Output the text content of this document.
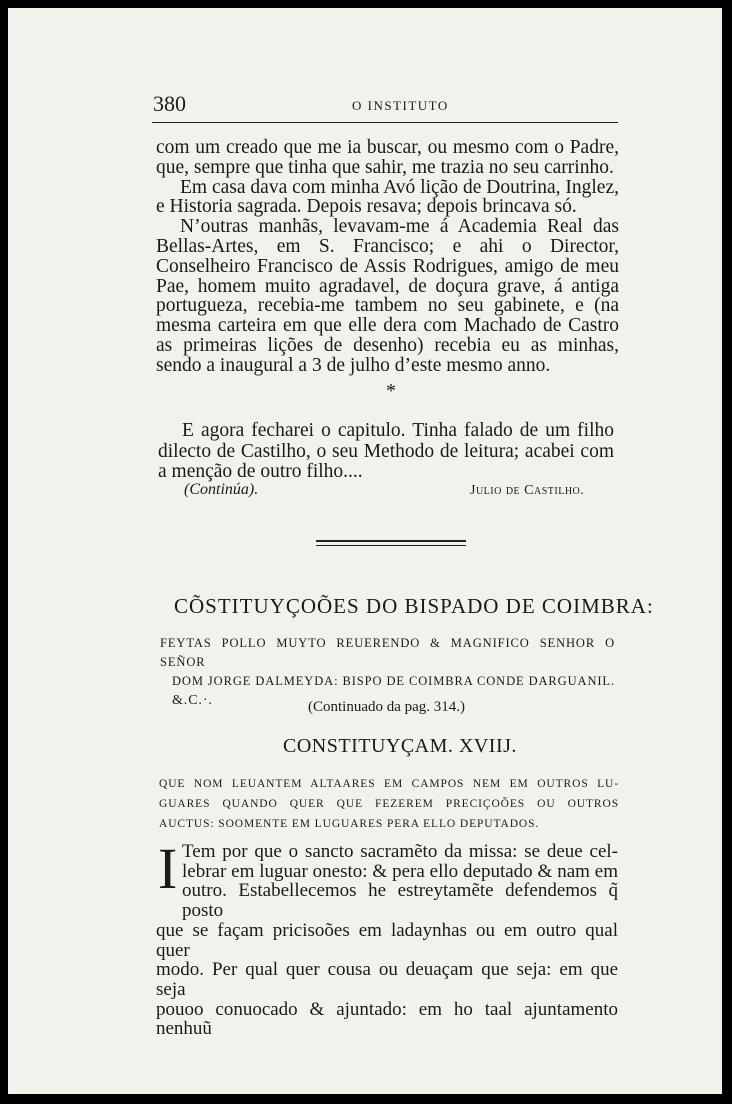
380	O INSTITUTO

com um creado que me ia buscar, ou mesmo com o Padre, que, sempre que tinha que sahir, me trazia no seu carrinho.

Em casa dava com minha Avó lição de Doutrina, Inglez, e Historia sagrada. Depois resava; depois brincava só.

N’outras manhãs, levavam-me á Academia Real das Bellas-Artes, em S. Francisco; e ahi o Director, Conselheiro Francisco de Assis Rodrigues, amigo de meu Pae, homem muito agradavel, de doçura grave, á antiga portugueza, recebia-me tambem no seu gabinete, e (na mesma carteira em que elle dera com Machado de Castro as primeiras lições de desenho) recebia eu as minhas, sendo a inaugural a 3 de julho d’este mesmo anno.

*

E agora fecharei o capitulo. Tinha falado de um filho dilecto de Castilho, o seu Methodo de leitura; acabei com a menção de outro filho....

(Continúa).	Julio de Castilho.
CÕSTITUYÇOÕES DO BISPADO DE COIMBRA:

FEYTAS POLLO MUYTO REUERENDO & MAGNIFICO SENHOR O SEÑOR

DOM JORGE DALMEYDA: BISPO DE COIMBRA CONDE DARGUANIL.

&.C.·.	(Continuado da pag. 314.)
CONSTITUYÇAM. XVIIJ.

QUE NOM LEUANTEM ALTAARES EM CAMPOS NEM EM OUTROS LU-

GUARES QUANDO QUER QUE FEZEREM PRECIÇOÕES OU OUTROS

AUCTUS: SOOMENTE EM LUGUARES PERA ELLO DEPUTADOS.

I Tem por que o sancto sacramẽto da missa: se deue cel-

lebrar em luguar onesto: & pera ello deputado & nam em

outro. Estabellecemos he estreytamẽte defendemos q̃ posto

que se façam pricisoões em ladaynhas ou em outro qual quer

modo. Per qual quer cousa ou deuaçam que seja: em que seja

pouoo conuocado & ajuntado: em ho taal ajuntamento nenhuũ
